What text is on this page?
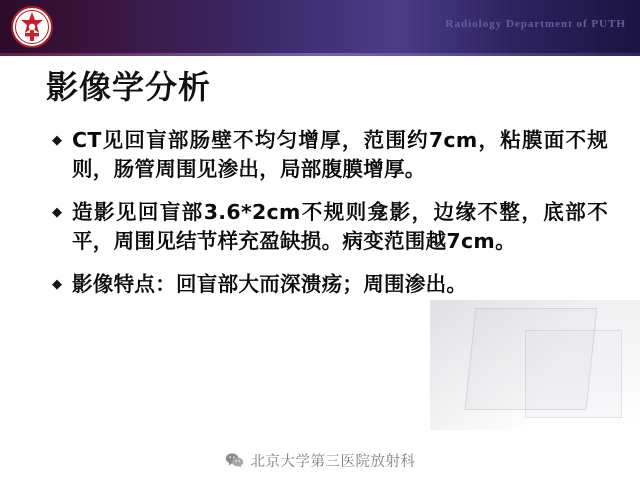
Radiology Department of PUTH
影像学分析
◆ CT见回盲部肠壁不均匀增厚，范围约7cm，粘膜面不规则，肠管周围见渗出，局部腹膜增厚。
◆ 造影见回盲部3.6*2cm不规则龛影，边缘不整，底部不平，周围见结节样充盈缺损。病变范围越7cm。
◆ 影像特点：回盲部大而深溃疡；周围渗出。
北京大学第三医院放射科
